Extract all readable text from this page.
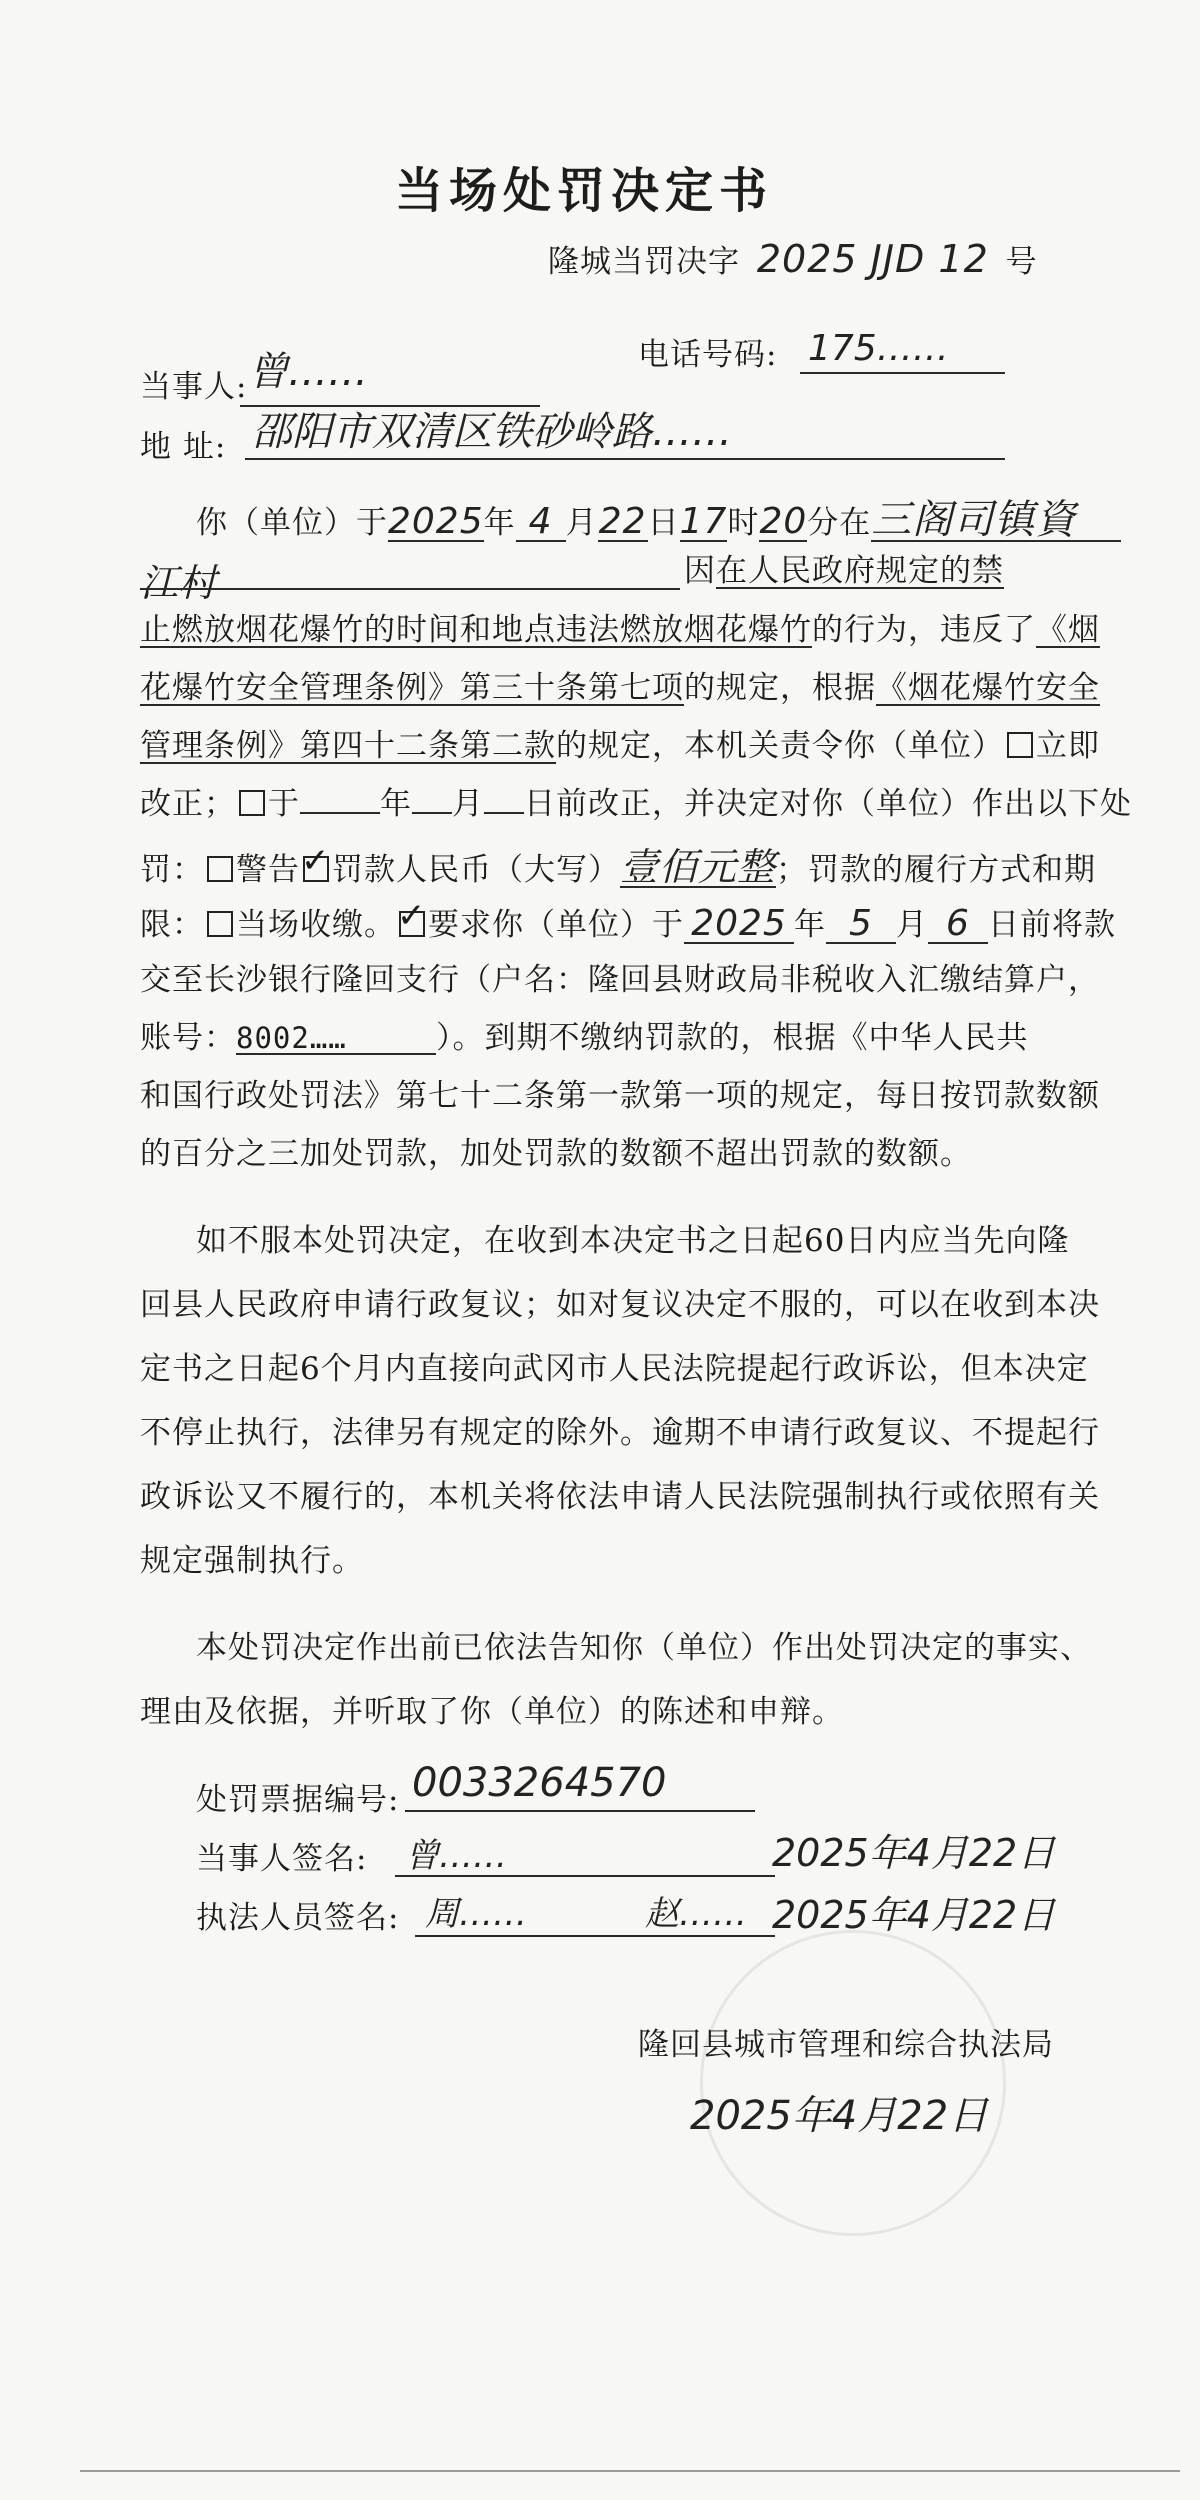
当场处罚决定书
隆城当罚决字 2025 JJD 12 号
当事人: 曾……	电话号码: 175……
地 址: 邵阳市双清区铁砂岭路……
你（单位）于2025年 4 月22日17时20分在三阁司镇資
江村	因在人民政府规定的禁
止燃放烟花爆竹的时间和地点违法燃放烟花爆竹的行为，违反了《烟
花爆竹安全管理条例》第三十条第七项的规定，根据《烟花爆竹安全
管理条例》第四十二条第二款的规定，本机关责令你（单位） 立即
改正； 于	年 月 日前改正，并决定对你（单位）作出以下处
罚： 警告 ✓ 罚款人民币（大写）壹佰元整；罚款的履行方式和期
限： 当场收缴。 ✓ 要求你（单位）于 2025 年 5 月 6 日前将款
交至长沙银行隆回支行（户名：隆回县财政局非税收入汇缴结算户，
账号：8002……	）。到期不缴纳罚款的，根据《中华人民共
和国行政处罚法》第七十二条第一款第一项的规定，每日按罚款数额
的百分之三加处罚款，加处罚款的数额不超出罚款的数额。
如不服本处罚决定，在收到本决定书之日起60日内应当先向隆
回县人民政府申请行政复议；如对复议决定不服的，可以在收到本决
定书之日起6个月内直接向武冈市人民法院提起行政诉讼，但本决定
不停止执行，法律另有规定的除外。逾期不申请行政复议、不提起行
政诉讼又不履行的，本机关将依法申请人民法院强制执行或依照有关
规定强制执行。
本处罚决定作出前已依法告知你（单位）作出处罚决定的事实、
理由及依据，并听取了你（单位）的陈述和申辩。
处罚票据编号: 0033264570
当事人签名: 曾……	2025年4月22日
执法人员签名: 周……	赵…… 2025年4月22日
隆回县城市管理和综合执法局
2025年4月22日
